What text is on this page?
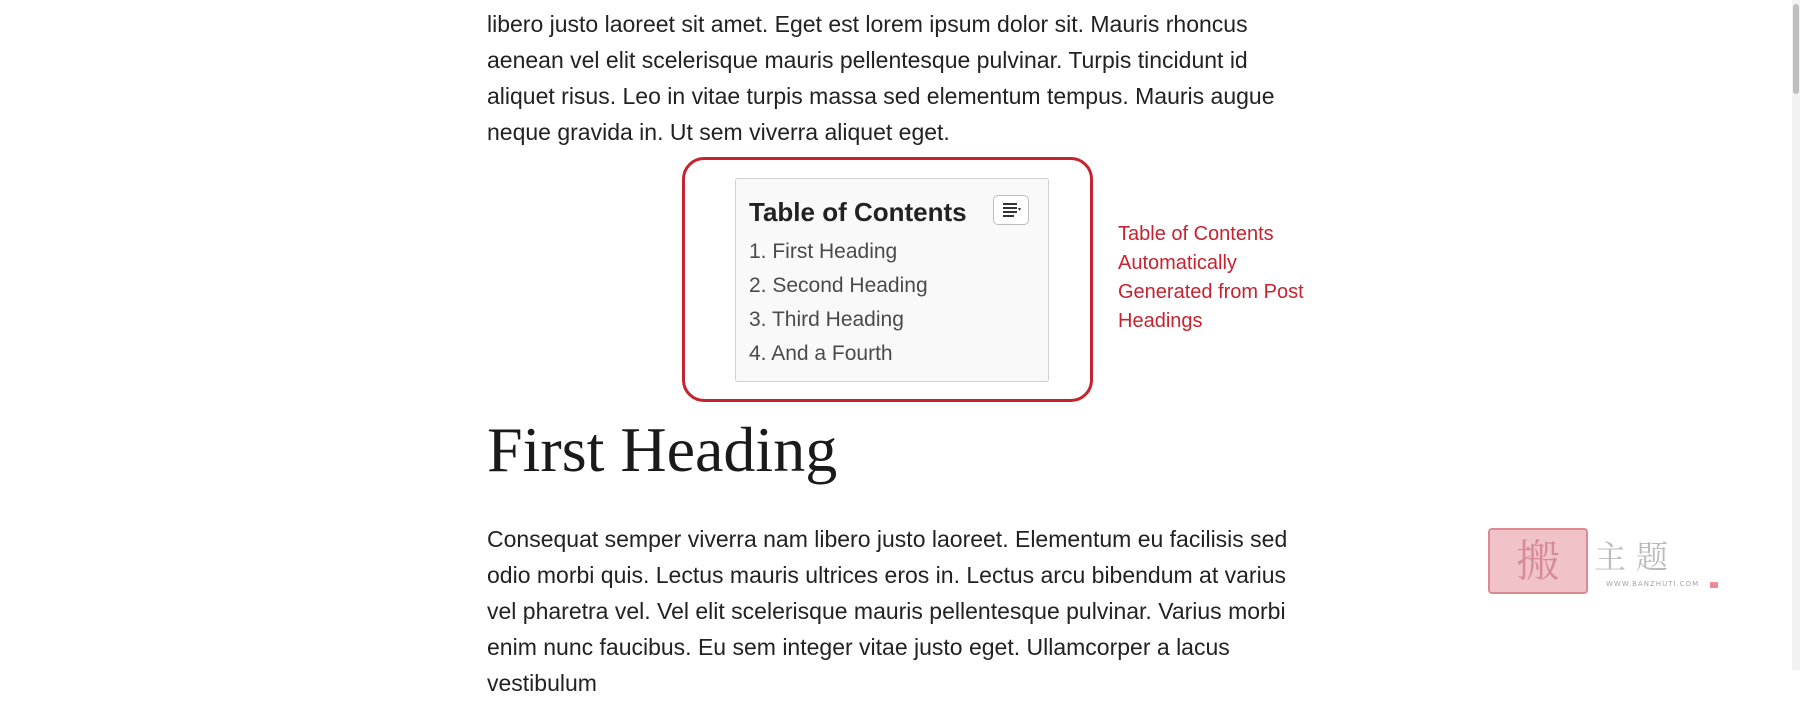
libero justo laoreet sit amet. Eget est lorem ipsum dolor sit. Mauris rhoncus aenean vel elit scelerisque mauris pellentesque pulvinar. Turpis tincidunt id aliquet risus. Leo in vitae turpis massa sed elementum tempus. Mauris augue neque gravida in. Ut sem viverra aliquet eget.

Table of Contents
1. First Heading
2. Second Heading
3. Third Heading
4. And a Fourth
Table of Contents Automatically Generated from Post Headings
First Heading

Consequat semper viverra nam libero justo laoreet. Elementum eu facilisis sed odio morbi quis. Lectus mauris ultrices eros in. Lectus arcu bibendum at varius vel pharetra vel. Vel elit scelerisque mauris pellentesque pulvinar. Varius morbi enim nunc faucibus. Eu sem integer vitae justo eget. Ullamcorper a lacus vestibulum

搬	主题
WWW.BANZHUTI.COM
